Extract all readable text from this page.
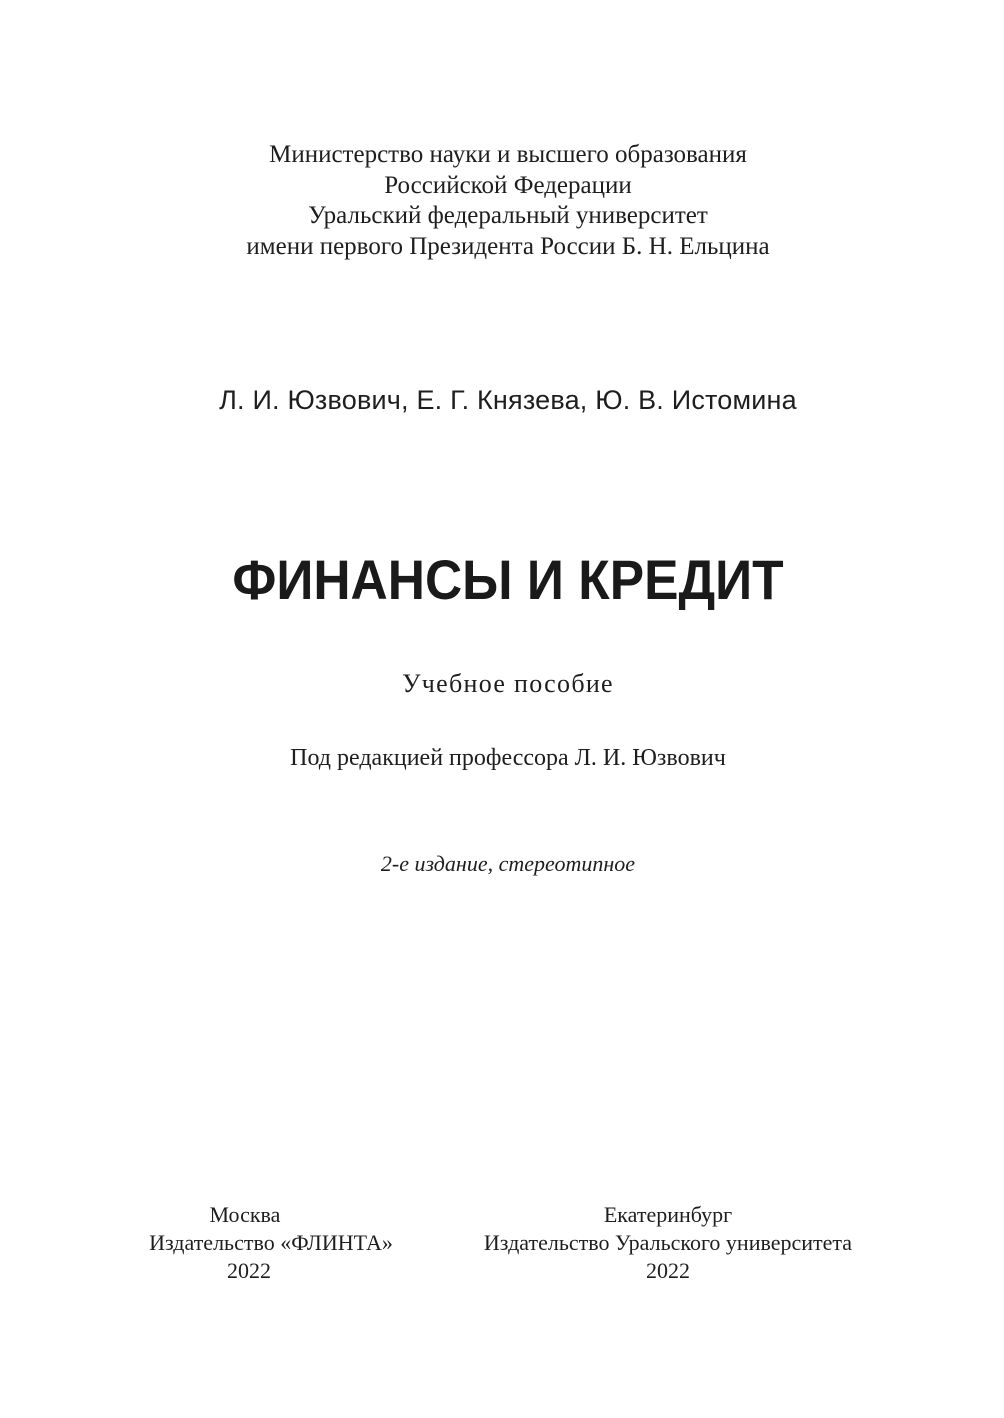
Министерство науки и высшего образования
Российской Федерации
Уральский федеральный университет
имени первого Президента России Б. Н. Ельцина
Л. И. Юзвович, Е. Г. Князева, Ю. В. Истомина
ФИНАНСЫ И КРЕДИТ
Учебное пособие
Под редакцией профессора Л. И. Юзвович
2-е издание, стереотипное
Москва
Издательство «ФЛИНТА»
2022
Екатеринбург
Издательство Уральского университета
2022
